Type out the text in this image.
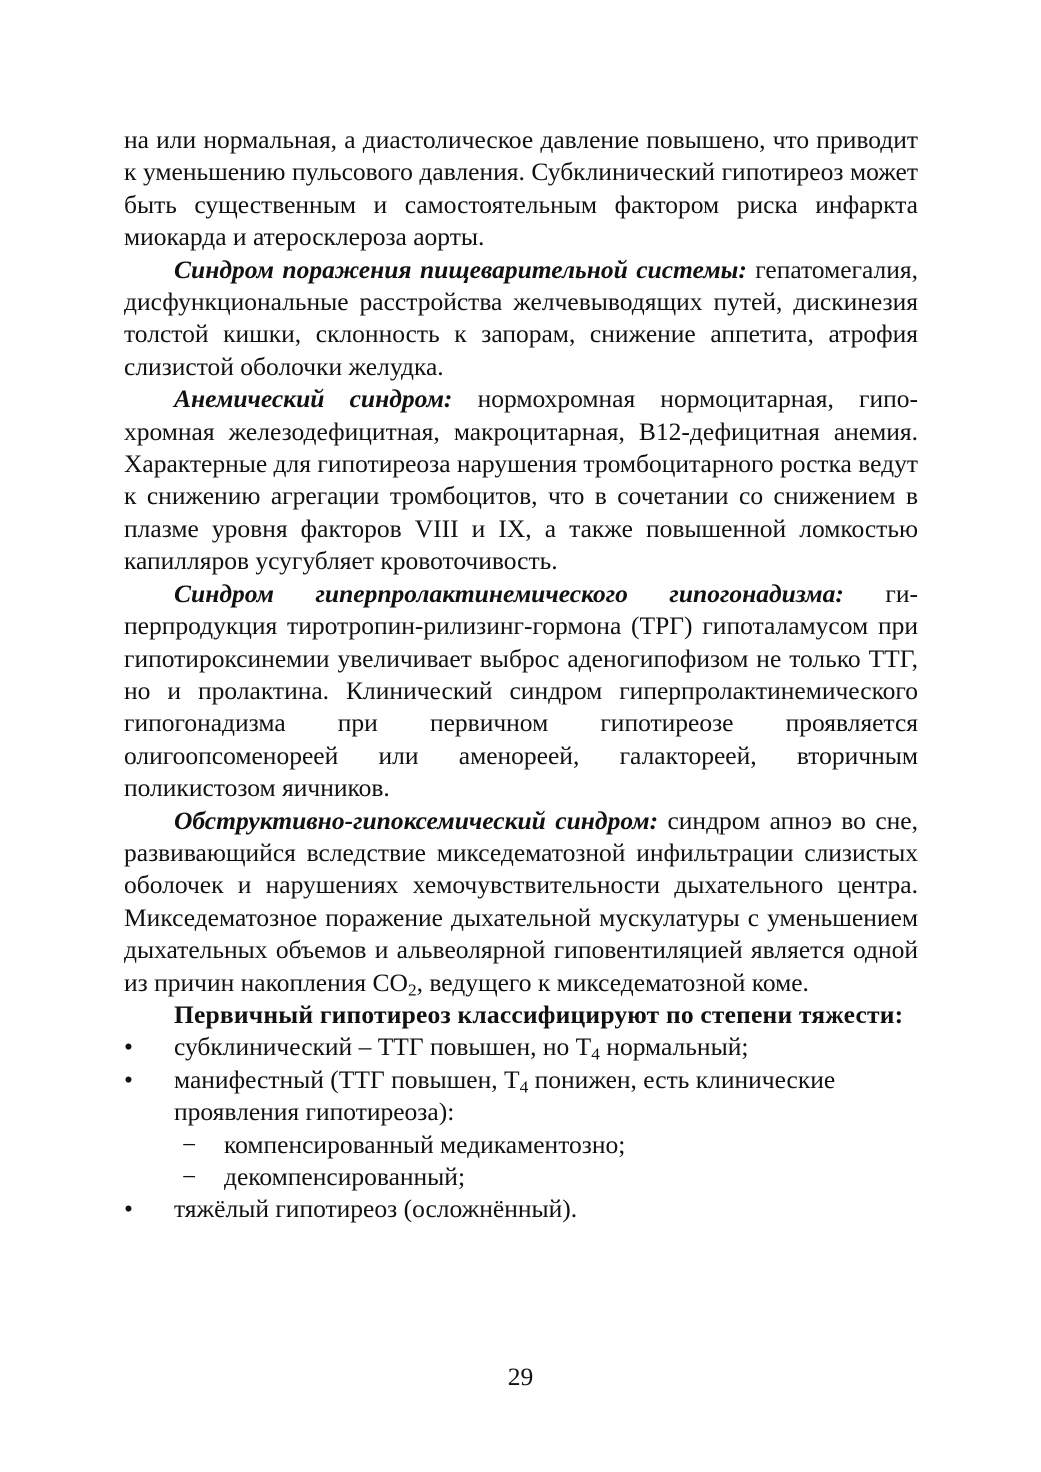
на или нормальная, а диастолическое давление повышено, что приводит к уменьшению пульсового давления. Субклинический гипотиреоз может быть существенным и самостоятельным фактором риска инфаркта миокарда и атеросклероза аорты.

Синдром поражения пищеварительной системы: гепатомегалия, дисфункциональные расстройства желчевыводящих путей, дискинезия толстой кишки, склонность к запорам, снижение аппетита, атрофия слизистой оболочки желудка.

Анемический синдром: нормохромная нормоцитарная, гипохромная железодефицитная, макроцитарная, В12-дефицитная анемия. Характерные для гипотиреоза нарушения тромбоцитарного ростка ведут к снижению агрегации тромбоцитов, что в сочетании со снижением в плазме уровня факторов VIII и IX, а также повышенной ломкостью капилляров усугубляет кровоточивость.

Синдром гиперпролактинемического гипогонадизма: гиперпродукция тиротропин-рилизинг-гормона (ТРГ) гипоталамусом при гипотироксинемии увеличивает выброс аденогипофизом не только ТТГ, но и пролактина. Клинический синдром гиперпролактинемического гипогонадизма при первичном гипотиреозе проявляется олигоопсоменореей или аменореей, галактореей, вторичным поликистозом яичников.

Обструктивно-гипоксемический синдром: синдром апноэ во сне, развивающийся вследствие микседематозной инфильтрации слизистых оболочек и нарушениях хемочувствительности дыхательного центра. Микседематозное поражение дыхательной мускулатуры с уменьшением дыхательных объемов и альвеолярной гиповентиляцией является одной из причин накопления $СО_2$, ведущего к микседематозной коме.

Первичный гипотиреоз классифицируют по степени тяжести:

•	субклинический – ТТГ повышен, но $Т_4$ нормальный;
•	манифестный (ТТГ повышен, $Т_4$ понижен, есть клинические проявления гипотиреоза):
− компенсированный медикаментозно;
− декомпенсированный;
•	тяжёлый гипотиреоз (осложнённый).
29
